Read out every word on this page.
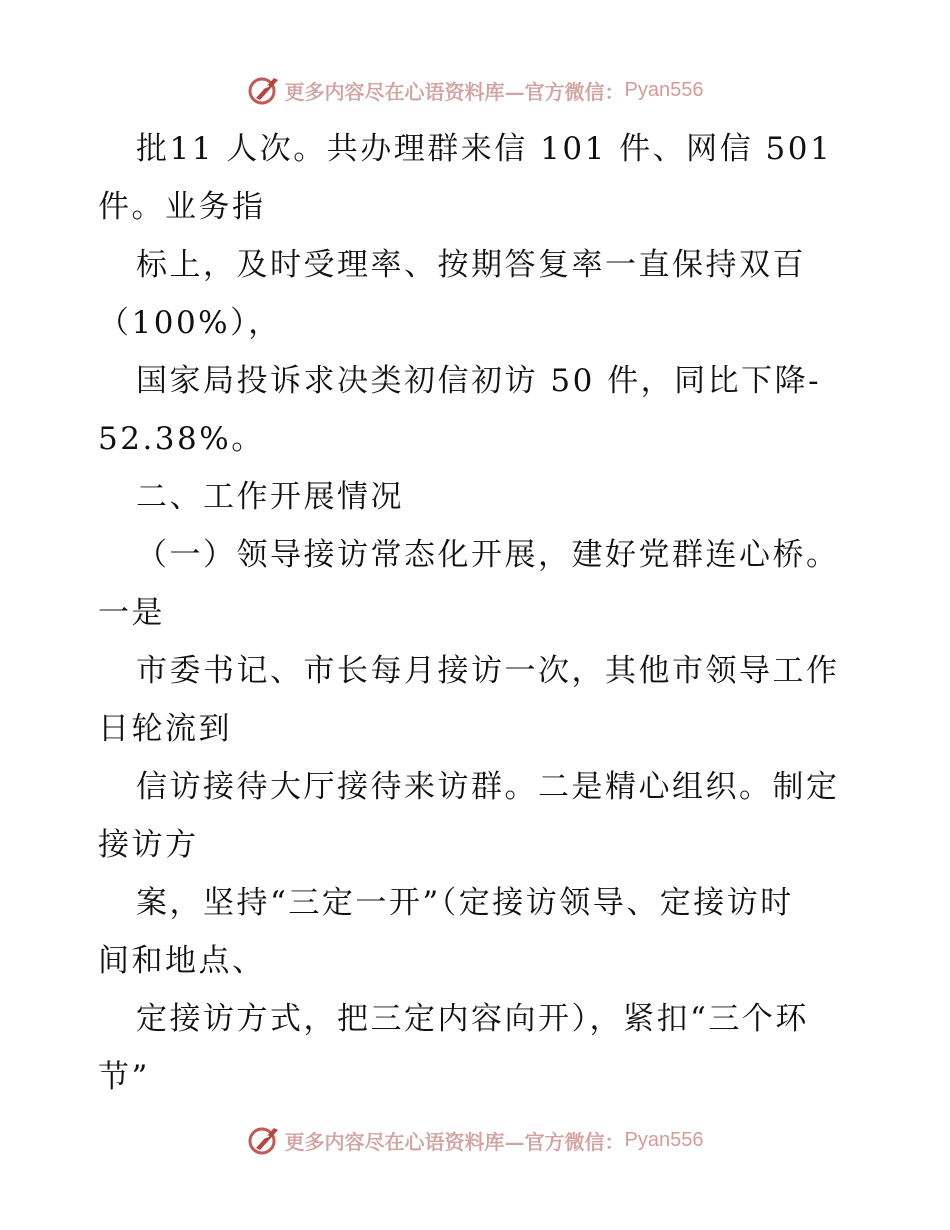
更多内容尽在心语资料库—官方微信： Pyan556
批11 人次。共办理群来信 101 件、网信 501
件。业务指
标上，及时受理率、按期答复率一直保持双百
（100%），
国家局投诉求决类初信初访 50 件，同比下降-
52.38%。
二、工作开展情况
（一）领导接访常态化开展，建好党群连心桥。
一是
市委书记、市长每月接访一次，其他市领导工作
日轮流到
信访接待大厅接待来访群。二是精心组织。制定
接访方
案，坚持“三定一开”（定接访领导、定接访时
间和地点、
定接访方式，把三定内容向开），紧扣“三个环
节”
更多内容尽在心语资料库—官方微信： Pyan556
